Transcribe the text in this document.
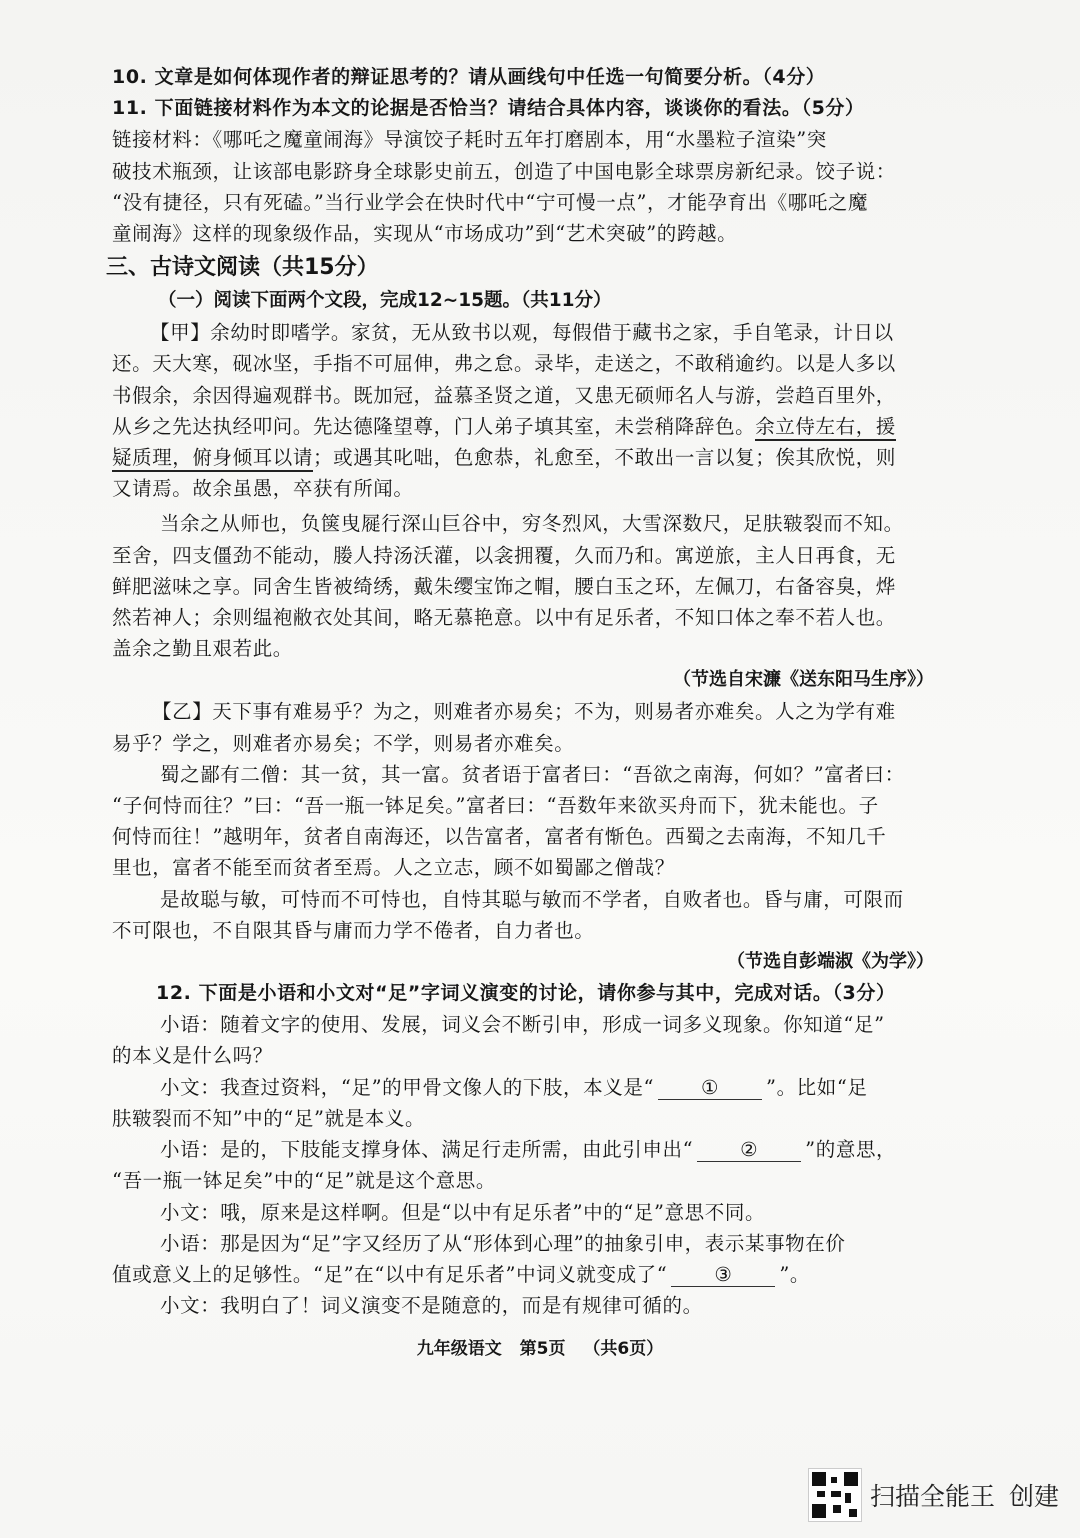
10. 文章是如何体现作者的辩证思考的？请从画线句中任选一句简要分析。（4分）
11. 下面链接材料作为本文的论据是否恰当？请结合具体内容，谈谈你的看法。（5分）
链接材料：《哪吒之魔童闹海》导演饺子耗时五年打磨剧本，用“水墨粒子渲染”突
破技术瓶颈，让该部电影跻身全球影史前五，创造了中国电影全球票房新纪录。饺子说：
“没有捷径，只有死磕。”当行业学会在快时代中“宁可慢一点”，才能孕育出《哪吒之魔
童闹海》这样的现象级作品，实现从“市场成功”到“艺术突破”的跨越。
三、古诗文阅读（共15分）
（一）阅读下面两个文段，完成12~15题。（共11分）
【甲】余幼时即嗜学。家贫，无从致书以观，每假借于藏书之家，手自笔录，计日以
还。天大寒，砚冰坚，手指不可屈伸，弗之怠。录毕，走送之，不敢稍逾约。以是人多以
书假余，余因得遍观群书。既加冠，益慕圣贤之道，又患无硕师名人与游，尝趋百里外，
从乡之先达执经叩问。先达德隆望尊，门人弟子填其室，未尝稍降辞色。余立侍左右，援
疑质理，俯身倾耳以请；或遇其叱咄，色愈恭，礼愈至，不敢出一言以复；俟其欣悦，则
又请焉。故余虽愚，卒获有所闻。
当余之从师也，负箧曳屣行深山巨谷中，穷冬烈风，大雪深数尺，足肤皲裂而不知。
至舍，四支僵劲不能动，媵人持汤沃灌，以衾拥覆，久而乃和。寓逆旅，主人日再食，无
鲜肥滋味之享。同舍生皆被绮绣，戴朱缨宝饰之帽，腰白玉之环，左佩刀，右备容臭，烨
然若神人；余则缊袍敝衣处其间，略无慕艳意。以中有足乐者，不知口体之奉不若人也。
盖余之勤且艰若此。
（节选自宋濂《送东阳马生序》）
【乙】天下事有难易乎？为之，则难者亦易矣；不为，则易者亦难矣。人之为学有难
易乎？学之，则难者亦易矣；不学，则易者亦难矣。
蜀之鄙有二僧：其一贫，其一富。贫者语于富者曰：“吾欲之南海，何如？”富者曰：
“子何恃而往？”曰：“吾一瓶一钵足矣。”富者曰：“吾数年来欲买舟而下，犹未能也。子
何恃而往！”越明年，贫者自南海还，以告富者，富者有惭色。西蜀之去南海，不知几千
里也，富者不能至而贫者至焉。人之立志，顾不如蜀鄙之僧哉？
是故聪与敏，可恃而不可恃也，自恃其聪与敏而不学者，自败者也。昏与庸，可限而
不可限也，不自限其昏与庸而力学不倦者，自力者也。
（节选自彭端淑《为学》）
12. 下面是小语和小文对“足”字词义演变的讨论，请你参与其中，完成对话。（3分）
小语：随着文字的使用、发展，词义会不断引申，形成一词多义现象。你知道“足”
的本义是什么吗？
小文：我查过资料，“足”的甲骨文像人的下肢，本义是“ ① ”。比如“足
肤皲裂而不知”中的“足”就是本义。
小语：是的，下肢能支撑身体、满足行走所需，由此引申出“ ② ”的意思，
“吾一瓶一钵足矣”中的“足”就是这个意思。
小文：哦，原来是这样啊。但是“以中有足乐者”中的“足”意思不同。
小语：那是因为“足”字又经历了从“形体到心理”的抽象引申，表示某事物在价
值或意义上的足够性。“足”在“以中有足乐者”中词义就变成了“ ③ ”。
小文：我明白了！词义演变不是随意的，而是有规律可循的。
九年级语文 第5页 （共6页）
扫描全能王 创建
